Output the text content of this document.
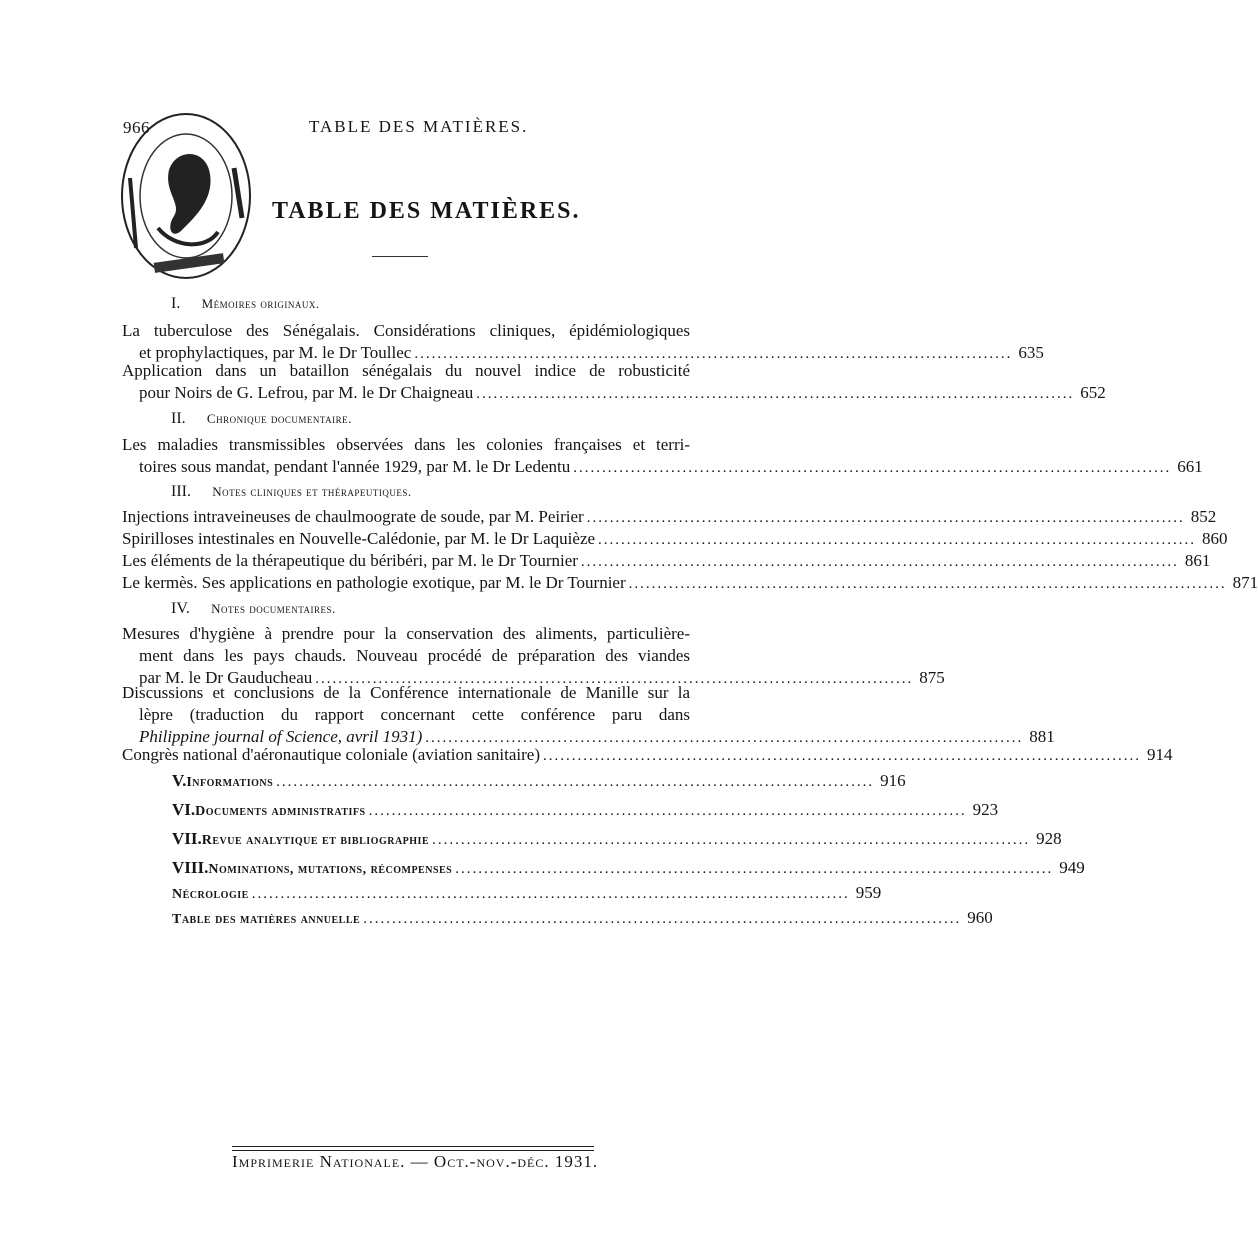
966	TABLE DES MATIÈRES.
TABLE DES MATIÈRES.
I. Mémoires originaux.
La tuberculose des Sénégalais. Considérations cliniques, épidémiologiques
et prophylactiques, par M. le Dr Toullec ........................................................................................................ 635
Application dans un bataillon sénégalais du nouvel indice de robusticité
pour Noirs de G. Lefrou, par M. le Dr Chaigneau ........................................................................................................ 652
II. Chronique documentaire.
Les maladies transmissibles observées dans les colonies françaises et terri-
toires sous mandat, pendant l'année 1929, par M. le Dr Ledentu ........................................................................................................ 661
III. Notes cliniques et thérapeutiques.
Injections intraveineuses de chaulmoograte de soude, par M. Peirier ........................................................................................................ 852
Spirilloses intestinales en Nouvelle-Calédonie, par M. le Dr Laquièze ........................................................................................................ 860
Les éléments de la thérapeutique du béribéri, par M. le Dr Tournier ........................................................................................................ 861
Le kermès. Ses applications en pathologie exotique, par M. le Dr Tournier ........................................................................................................ 871
IV. Notes documentaires.
Mesures d'hygiène à prendre pour la conservation des aliments, particulière-
ment dans les pays chauds. Nouveau procédé de préparation des viandes
par M. le Dr Gauducheau ........................................................................................................ 875
Discussions et conclusions de la Conférence internationale de Manille sur la
lèpre (traduction du rapport concernant cette conférence paru dans
Philippine journal of Science, avril 1931) ........................................................................................................ 881
Congrès national d'aéronautique coloniale (aviation sanitaire) ........................................................................................................ 914
V. Informations ........................................................................................................ 916
VI. Documents administratifs ........................................................................................................ 923
VII. Revue analytique et bibliographie ........................................................................................................ 928
VIII. Nominations, mutations, récompenses ........................................................................................................ 949
Nécrologie ........................................................................................................ 959
Table des matières annuelle ........................................................................................................ 960
Imprimerie Nationale. — Oct.-nov.-déc. 1931.
